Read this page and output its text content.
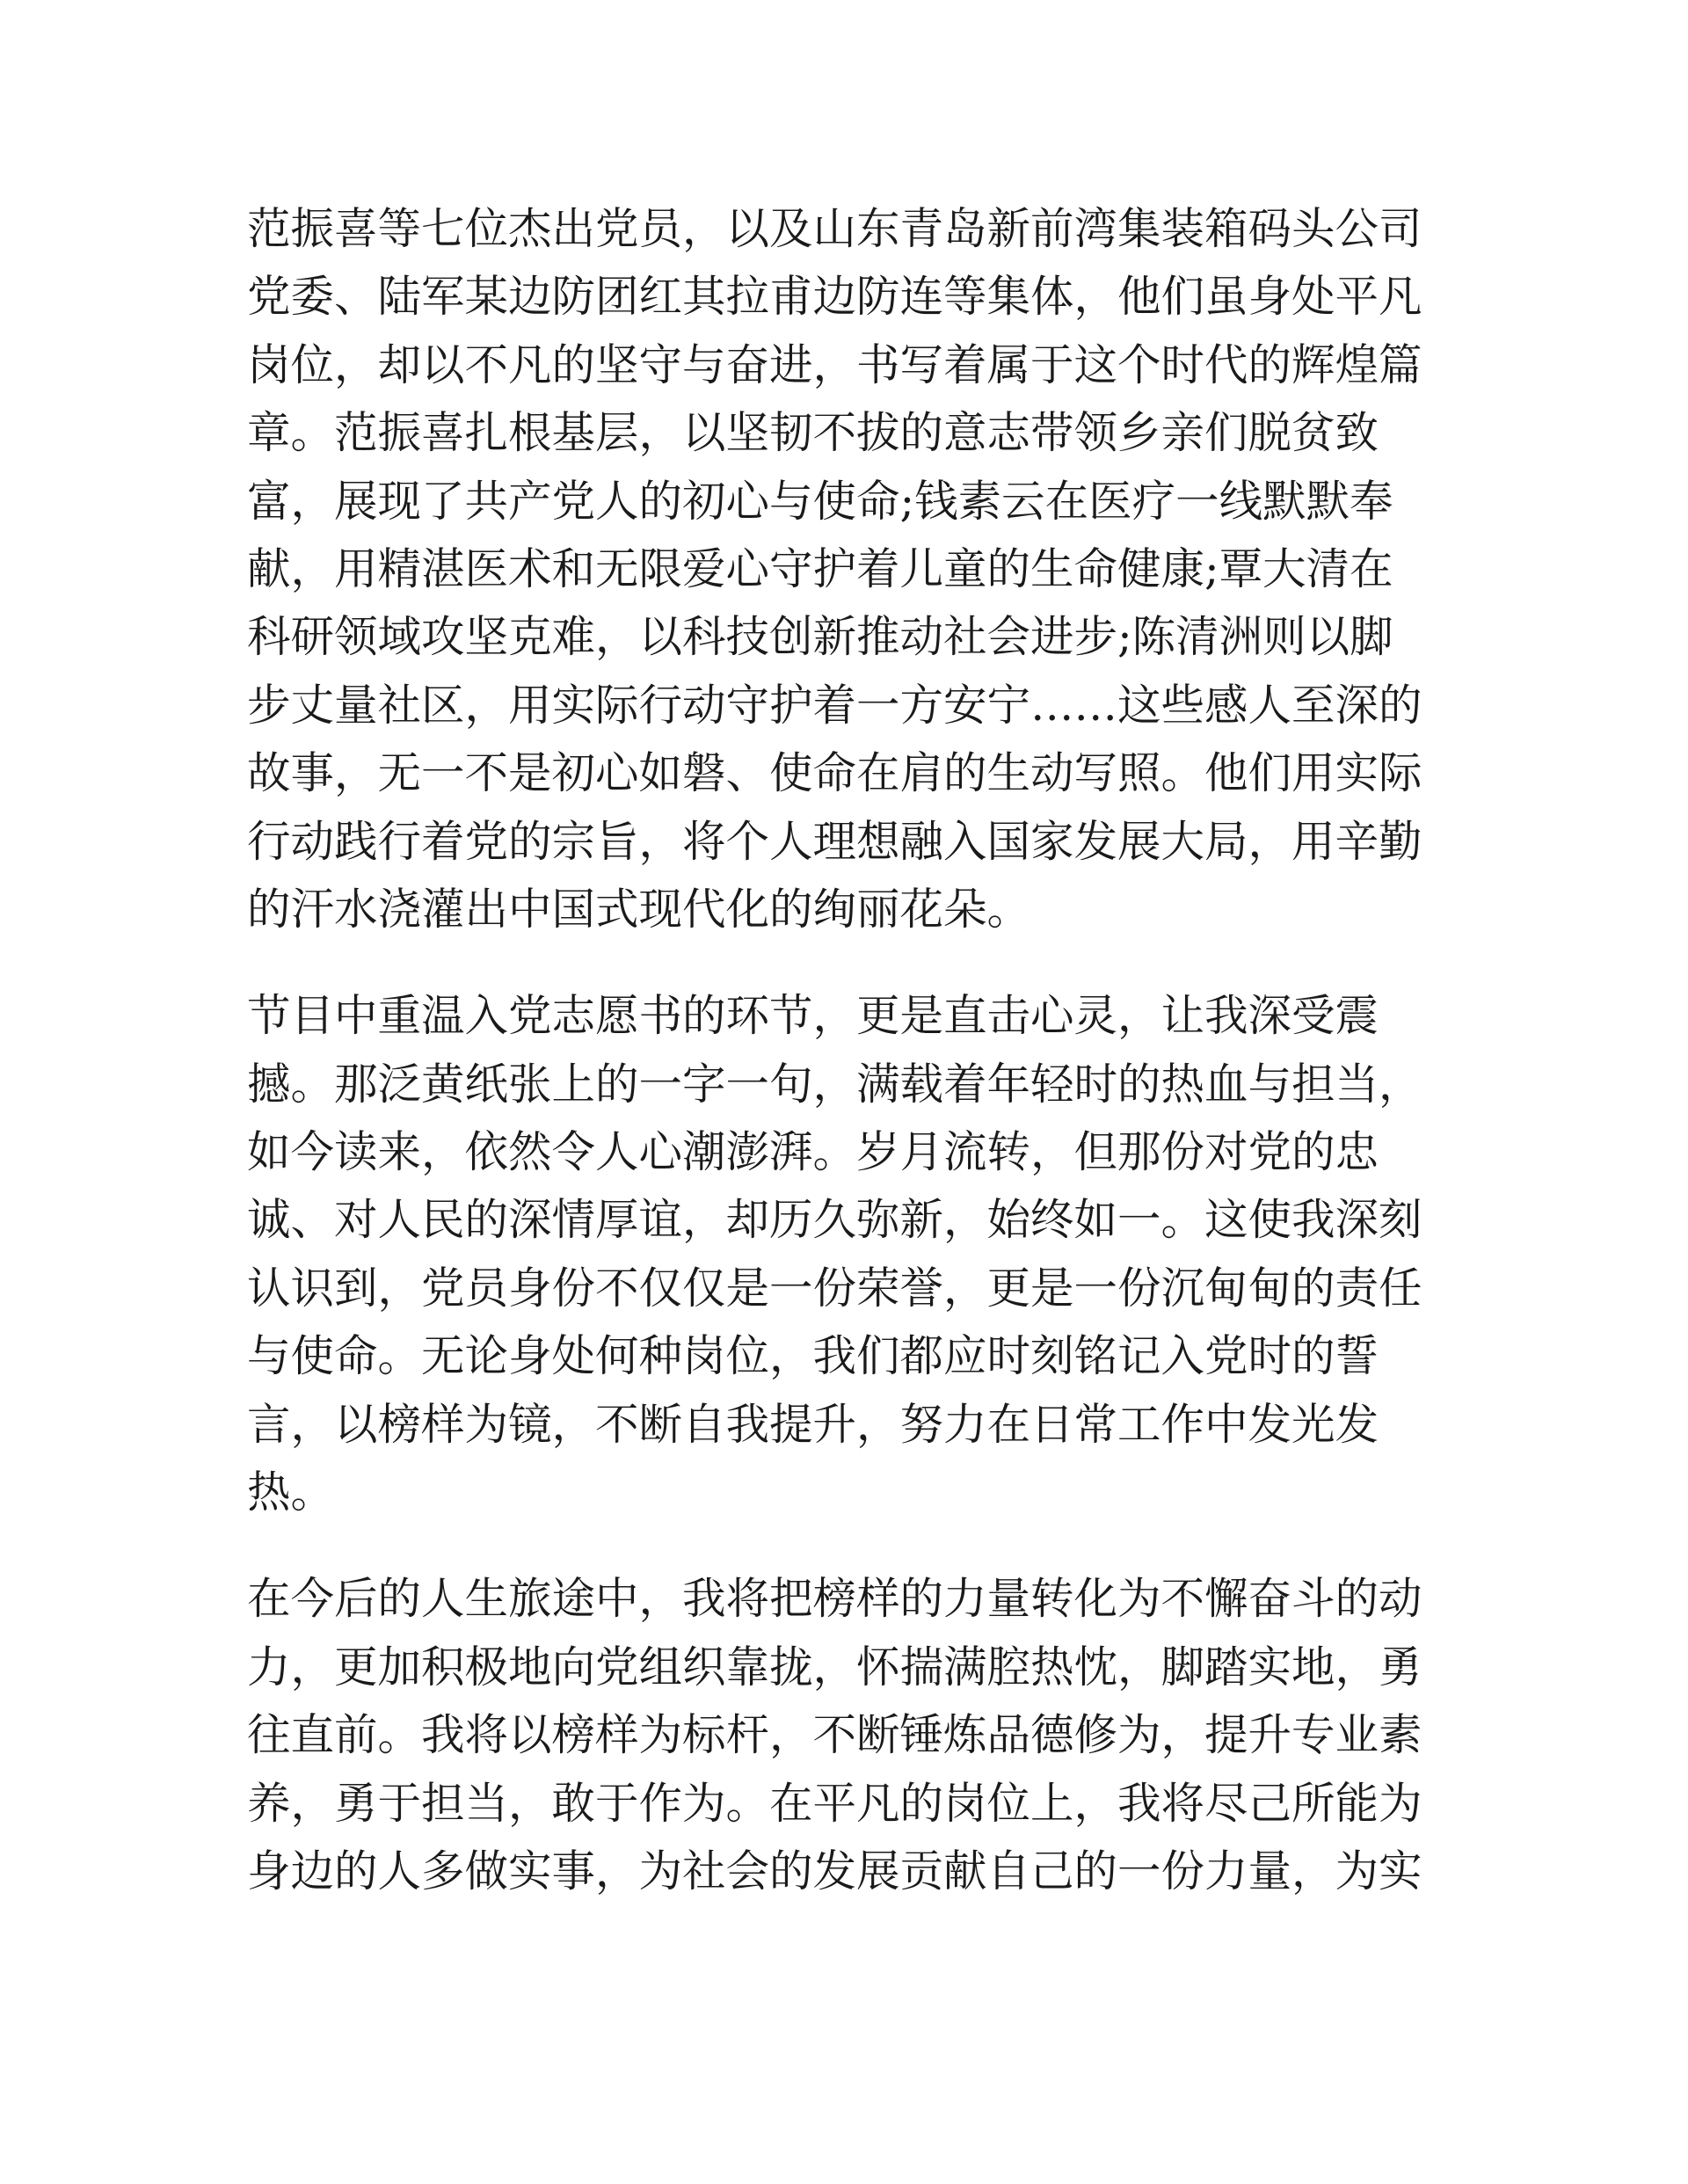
范振喜等七位杰出党员，以及山东青岛新前湾集装箱码头公司
党委、陆军某边防团红其拉甫边防连等集体，他们虽身处平凡
岗位，却以不凡的坚守与奋进，书写着属于这个时代的辉煌篇
章。范振喜扎根基层，以坚韧不拔的意志带领乡亲们脱贫致
富，展现了共产党人的初心与使命;钱素云在医疗一线默默奉
献，用精湛医术和无限爱心守护着儿童的生命健康;覃大清在
科研领域攻坚克难，以科技创新推动社会进步;陈清洲则以脚
步丈量社区，用实际行动守护着一方安宁……这些感人至深的
故事，无一不是初心如磐、使命在肩的生动写照。他们用实际
行动践行着党的宗旨，将个人理想融入国家发展大局，用辛勤
的汗水浇灌出中国式现代化的绚丽花朵。
节目中重温入党志愿书的环节，更是直击心灵，让我深受震
撼。那泛黄纸张上的一字一句，满载着年轻时的热血与担当，
如今读来，依然令人心潮澎湃。岁月流转，但那份对党的忠
诚、对人民的深情厚谊，却历久弥新，始终如一。这使我深刻
认识到，党员身份不仅仅是一份荣誉，更是一份沉甸甸的责任
与使命。无论身处何种岗位，我们都应时刻铭记入党时的誓
言，以榜样为镜，不断自我提升，努力在日常工作中发光发
热。
在今后的人生旅途中，我将把榜样的力量转化为不懈奋斗的动
力，更加积极地向党组织靠拢，怀揣满腔热忱，脚踏实地，勇
往直前。我将以榜样为标杆，不断锤炼品德修为，提升专业素
养，勇于担当，敢于作为。在平凡的岗位上，我将尽己所能为
身边的人多做实事，为社会的发展贡献自己的一份力量，为实
